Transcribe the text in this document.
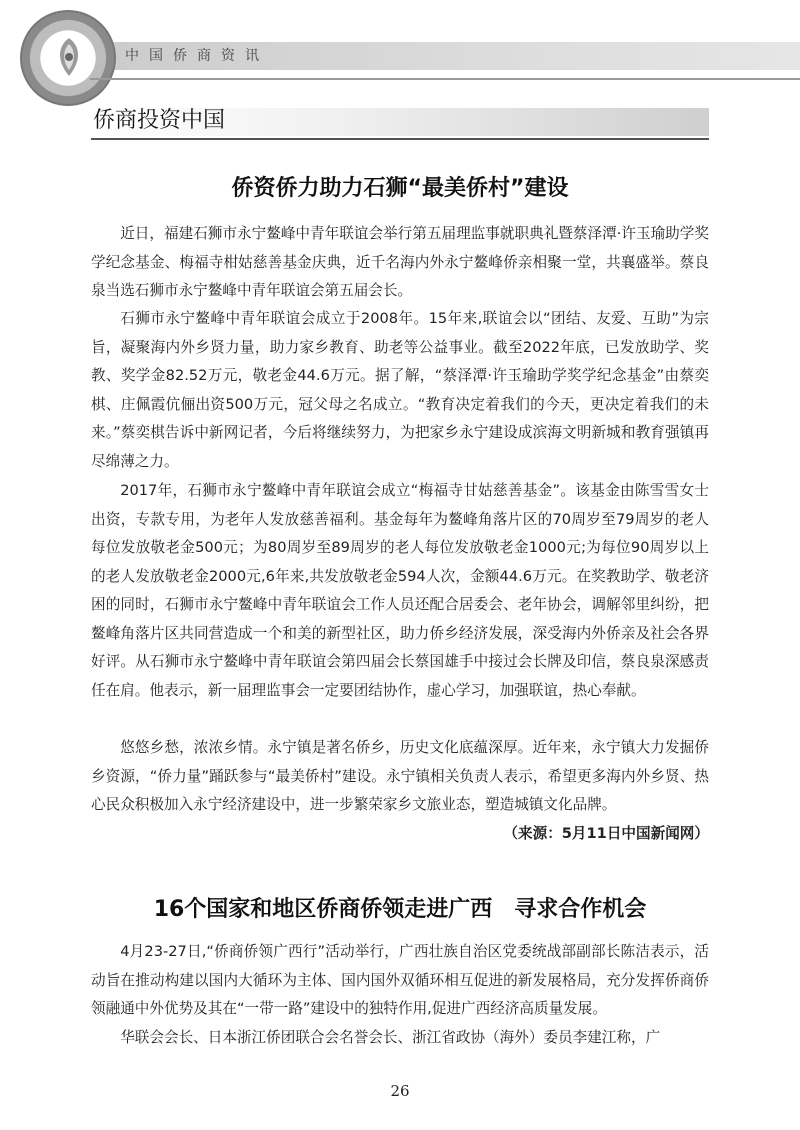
中国侨商资讯
侨商投资中国
侨资侨力助力石狮“最美侨村”建设
近日，福建石狮市永宁鳌峰中青年联谊会举行第五届理监事就职典礼暨蔡泽潭·许玉瑜助学奖学纪念基金、梅福寺柑姑慈善基金庆典，近千名海内外永宁鳌峰侨亲相聚一堂，共襄盛举。蔡良泉当选石狮市永宁鳌峰中青年联谊会第五届会长。
石狮市永宁鳌峰中青年联谊会成立于2008年。15年来,联谊会以“团结、友爱、互助”为宗旨，凝聚海内外乡贤力量，助力家乡教育、助老等公益事业。截至2022年底，已发放助学、奖教、奖学金82.52万元，敬老金44.6万元。据了解，“蔡泽潭·许玉瑜助学奖学纪念基金”由蔡奕棋、庄佩霞伉俪出资500万元，冠父母之名成立。“教育决定着我们的今天，更决定着我们的未来。”蔡奕棋告诉中新网记者，今后将继续努力，为把家乡永宁建设成滨海文明新城和教育强镇再尽绵薄之力。
2017年，石狮市永宁鳌峰中青年联谊会成立“梅福寺甘姑慈善基金”。该基金由陈雪雪女士出资，专款专用，为老年人发放慈善福利。基金每年为鳌峰角落片区的70周岁至79周岁的老人每位发放敬老金500元；为80周岁至89周岁的老人每位发放敬老金1000元;为每位90周岁以上的老人发放敬老金2000元,6年来,共发放敬老金594人次，金额44.6万元。在奖教助学、敬老济困的同时，石狮市永宁鳌峰中青年联谊会工作人员还配合居委会、老年协会，调解邻里纠纷，把鳌峰角落片区共同营造成一个和美的新型社区，助力侨乡经济发展，深受海内外侨亲及社会各界好评。从石狮市永宁鳌峰中青年联谊会第四届会长蔡国雄手中接过会长牌及印信，蔡良泉深感责任在肩。他表示，新一届理监事会一定要团结协作，虚心学习，加强联谊，热心奉献。
悠悠乡愁，浓浓乡情。永宁镇是著名侨乡，历史文化底蕴深厚。近年来，永宁镇大力发掘侨乡资源，“侨力量”踊跃参与“最美侨村”建设。永宁镇相关负责人表示，希望更多海内外乡贤、热心民众积极加入永宁经济建设中，进一步繁荣家乡文旅业态，塑造城镇文化品牌。
（来源：5月11日中国新闻网）
16个国家和地区侨商侨领走进广西　寻求合作机会
4月23-27日,“侨商侨领广西行”活动举行，广西壮族自治区党委统战部副部长陈洁表示，活动旨在推动构建以国内大循环为主体、国内国外双循环相互促进的新发展格局，充分发挥侨商侨领融通中外优势及其在“一带一路”建设中的独特作用,促进广西经济高质量发展。
华联会会长、日本浙江侨团联合会名誉会长、浙江省政协（海外）委员李建江称，广
26
